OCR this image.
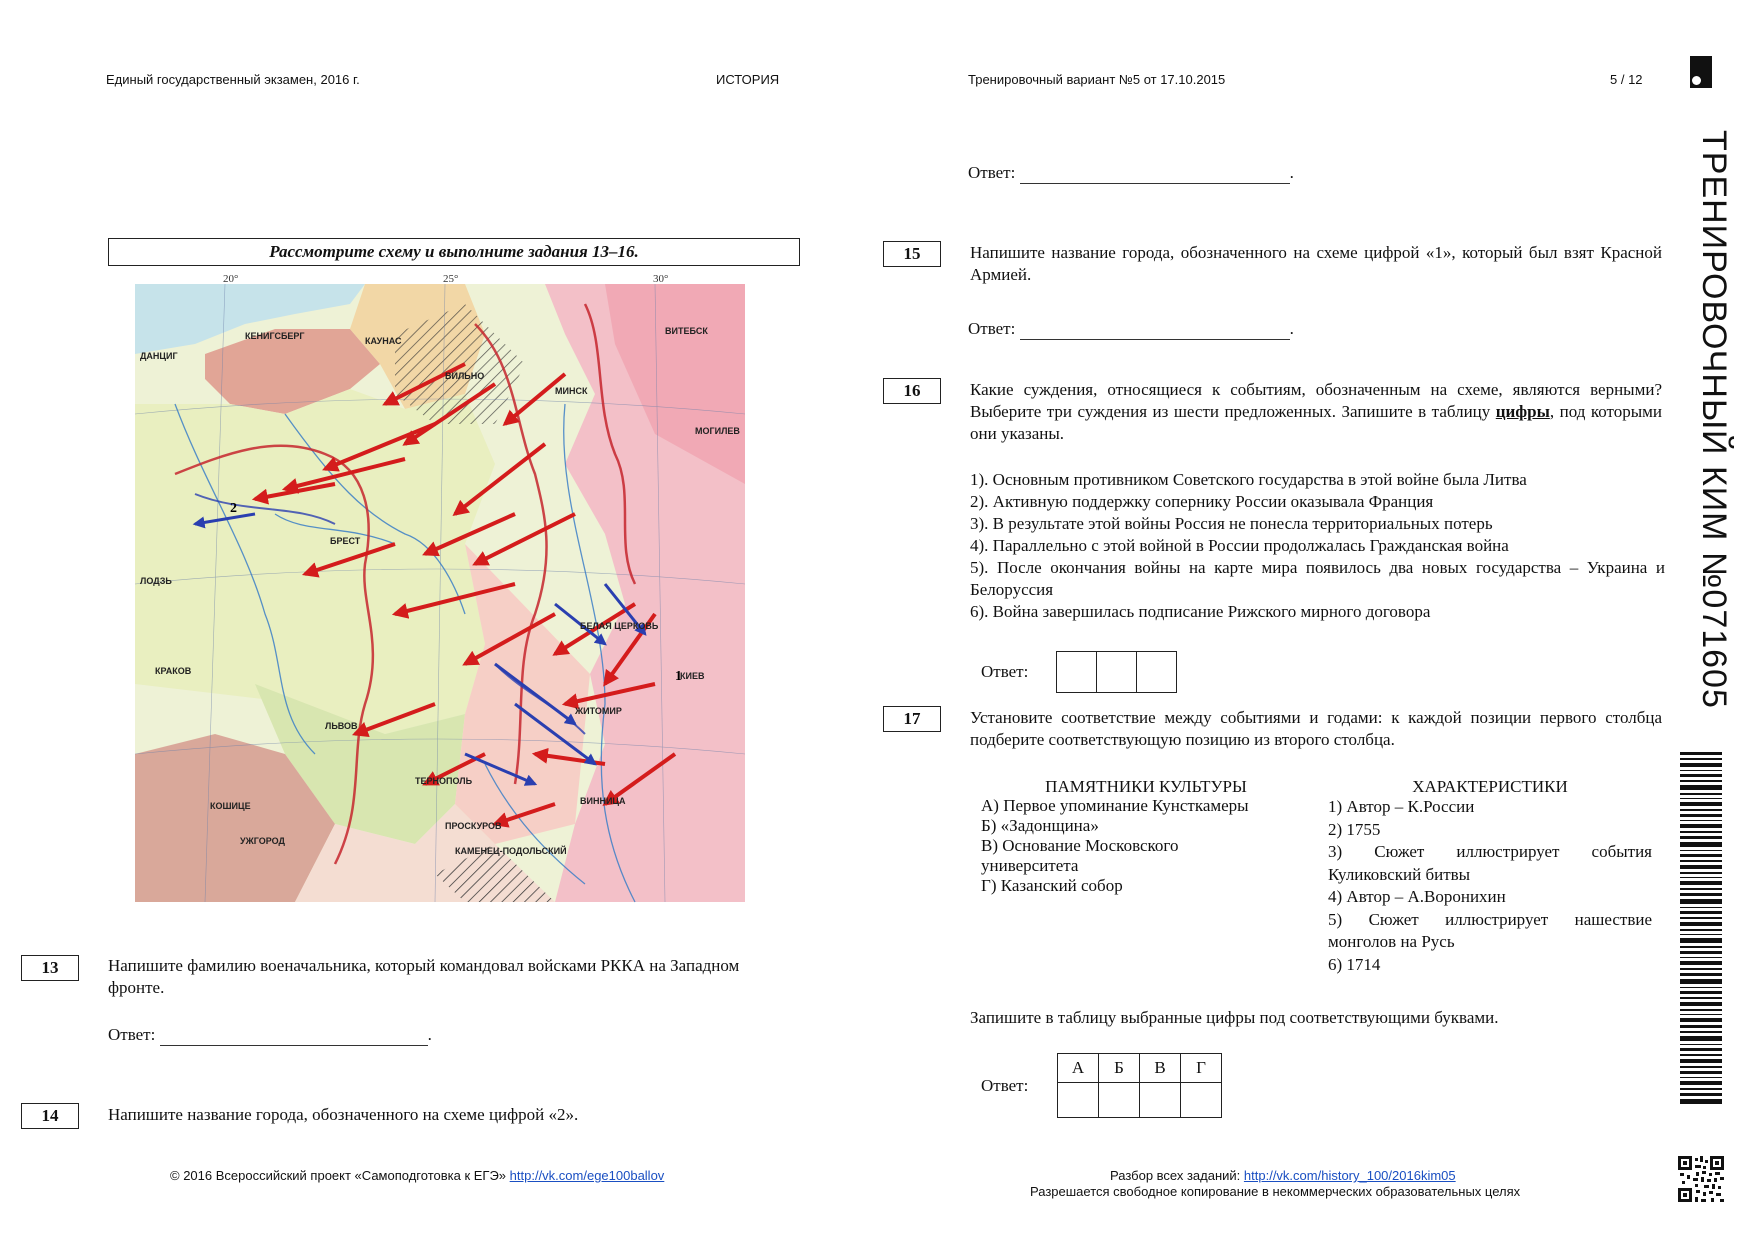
Единый государственный экзамен, 2016 г.	ИСТОРИЯ	Тренировочный вариант №5 от 17.10.2015	5 / 12
ТРЕНИРОВОЧНЫЙ КИМ №071605
Ответ:	.
Рассмотрите схему и выполните задания 13–16.
20°	25°	30°
ДАНЦИГ
КЕНИГСБЕРГ	КАУНАС
ВИЛЬНО
МИНСК
ВИТЕБСК
МОГИЛЕВ
БРЕСТ
ЛОДЗЬ
КРАКОВ
ЛЬВОВ
ЖИТОМИР
КИЕВ
ТЕРНОПОЛЬ
ПРОСКУРОВ
ВИННИЦА
КОШИЦЕ
УЖГОРОД
БЕЛАЯ ЦЕРКОВЬ
КАМЕНЕЦ-ПОДОЛЬСКИЙ
1
2
13	Напишите фамилию военачальника, который командовал войсками РККА на Западном фронте.
Ответ:	.
14	Напишите название города, обозначенного на схеме цифрой «2».
15	Напишите название города, обозначенного на схеме цифрой «1», который был взят Красной Армией.
Ответ:	.
16	Какие суждения, относящиеся к событиям, обозначенным на схеме, являются верными? Выберите три суждения из шести предложенных. Запишите в таблицу цифры, под которыми они указаны.
1). Основным противником Советского государства в этой войне была Литва
2). Активную поддержку сопернику России оказывала Франция
3). В результате этой войны Россия не понесла территориальных потерь
4). Параллельно с этой войной в России продолжалась Гражданская война
5). После окончания войны на карте мира появилось два новых государства – Украина и Белоруссия
6). Война завершилась подписание Рижского мирного договора
Ответ:
17	Установите соответствие между событиями и годами: к каждой позиции первого столбца подберите соответствующую позицию из второго столбца.
ПАМЯТНИКИ КУЛЬТУРЫ
А) Первое упоминание Кунсткамеры
Б) «Задонщина»
В) Основание Московского университета
Г) Казанский собор
ХАРАКТЕРИСТИКИ
1) Автор – К.России
2) 1755
3) Сюжет иллюстрирует события Куликовский битвы
4) Автор – А.Воронихин
5) Сюжет иллюстрирует нашествие монголов на Русь
6) 1714
Запишите в таблицу выбранные цифры под соответствующими буквами.
Ответ:
А	Б	В	Г

© 2016 Всероссийский проект «Самоподготовка к ЕГЭ» http://vk.com/ege100ballov	Разбор всех заданий: http://vk.com/history_100/2016kim05
Разрешается свободное копирование в некоммерческих образовательных целях
